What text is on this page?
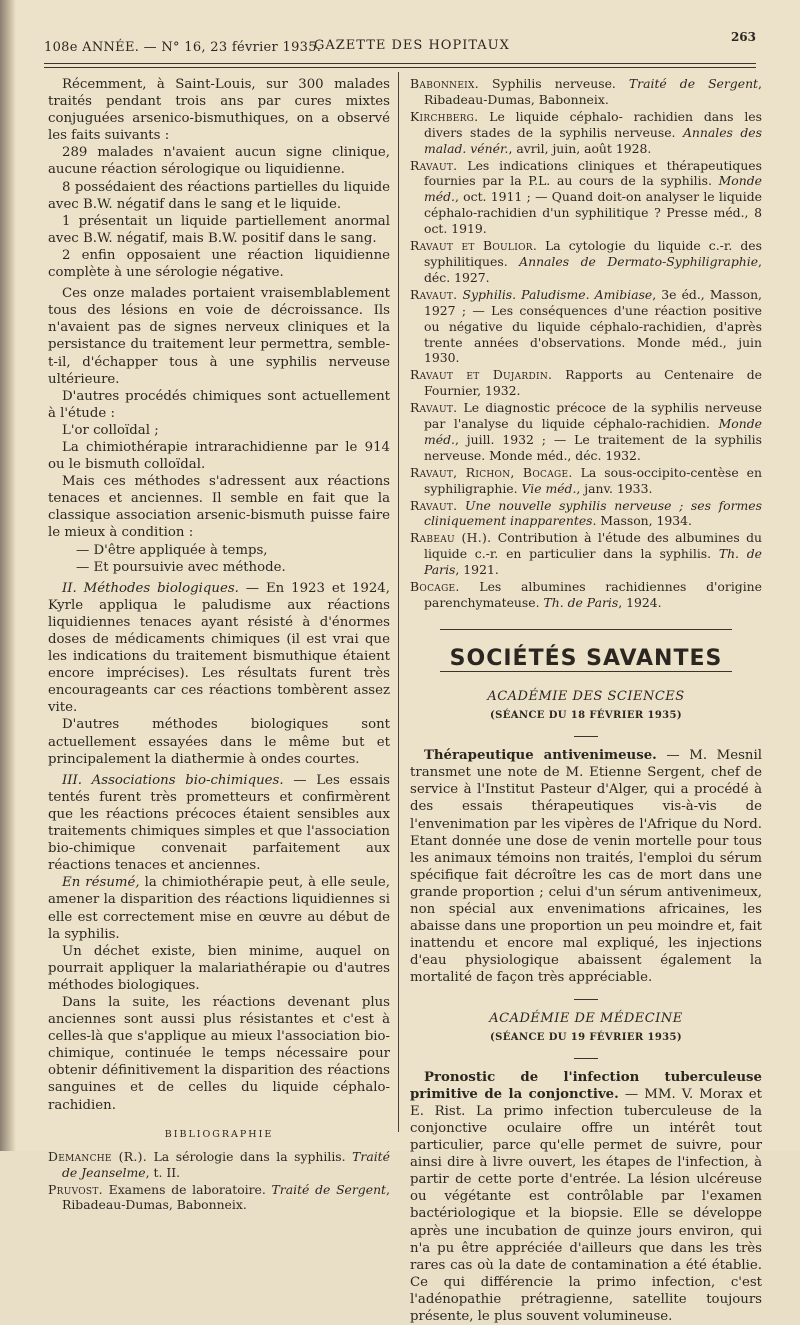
108e ANNÉE. — N° 16, 23 février 1935.
GAZETTE DES HOPITAUX
263

Récemment, à Saint-Louis, sur 300 malades traités pendant trois ans par cures mixtes conjuguées arsenico-bismuthiques, on a observé les faits suivants :

289 malades n'avaient aucun signe clinique, aucune réaction sérologique ou liquidienne.

8 possédaient des réactions partielles du liquide avec B.W. négatif dans le sang et le liquide.

1 présentait un liquide partiellement anormal avec B.W. négatif, mais B.W. positif dans le sang.

2 enfin opposaient une réaction liquidienne complète à une sérologie négative.

Ces onze malades portaient vraisemblablement tous des lésions en voie de décroissance. Ils n'avaient pas de signes nerveux cliniques et la persistance du traitement leur permettra, semble-t-il, d'échapper tous à une syphilis nerveuse ultérieure.

D'autres procédés chimiques sont actuellement à l'étude :

L'or colloïdal ;

La chimiothérapie intrarachidienne par le 914 ou le bismuth colloïdal.

Mais ces méthodes s'adressent aux réactions tenaces et anciennes. Il semble en fait que la classique association arsenic-bismuth puisse faire le mieux à condition :

— D'être appliquée à temps,

— Et poursuivie avec méthode.

II. Méthodes biologiques. — En 1923 et 1924, Kyrle appliqua le paludisme aux réactions liquidiennes tenaces ayant résisté à d'énormes doses de médicaments chimiques (il est vrai que les indications du traitement bismuthique étaient encore imprécises). Les résultats furent très encourageants car ces réactions tombèrent assez vite.

D'autres méthodes biologiques sont actuellement essayées dans le même but et principalement la diathermie à ondes courtes.

III. Associations bio-chimiques. — Les essais tentés furent très prometteurs et confirmèrent que les réactions précoces étaient sensibles aux traitements chimiques simples et que l'association bio-chimique convenait parfaitement aux réactions tenaces et anciennes.

En résumé, la chimiothérapie peut, à elle seule, amener la disparition des réactions liquidiennes si elle est correctement mise en œuvre au début de la syphilis.

Un déchet existe, bien minime, auquel on pourrait appliquer la malariathérapie ou d'autres méthodes biologiques.

Dans la suite, les réactions devenant plus anciennes sont aussi plus résistantes et c'est à celles-là que s'applique au mieux l'association bio-chimique, continuée le temps nécessaire pour obtenir définitivement la disparition des réactions sanguines et de celles du liquide céphalo-rachidien.

BIBLIOGRAPHIE
Demanche (R.). La sérologie dans la syphilis. Traité de Jeanselme, t. II.
Pruvost. Examens de laboratoire. Traité de Sergent, Ribadeau-Dumas, Babonneix.
Babonneix. Syphilis nerveuse. Traité de Sergent, Ribadeau-Dumas, Babonneix.
Kirchberg. Le liquide céphalo- rachidien dans les divers stades de la syphilis nerveuse. Annales des malad. vénér., avril, juin, août 1928.
Ravaut. Les indications cliniques et thérapeutiques fournies par la P.L. au cours de la syphilis. Monde méd., oct. 1911 ; — Quand doit-on analyser le liquide céphalo-rachidien d'un syphilitique ? Presse méd., 8 oct. 1919.
Ravaut et Boulior. La cytologie du liquide c.-r. des syphilitiques. Annales de Dermato-Syphiligraphie, déc. 1927.
Ravaut. Syphilis. Paludisme. Amibiase, 3e éd., Masson, 1927 ; — Les conséquences d'une réaction positive ou négative du liquide céphalo-rachidien, d'après trente années d'observations. Monde méd., juin 1930.
Ravaut et Dujardin. Rapports au Centenaire de Fournier, 1932.
Ravaut. Le diagnostic précoce de la syphilis nerveuse par l'analyse du liquide céphalo-rachidien. Monde méd., juill. 1932 ; — Le traitement de la syphilis nerveuse. Monde méd., déc. 1932.
Ravaut, Richon, Bocage. La sous-occipito-centèse en syphiligraphie. Vie méd., janv. 1933.
Ravaut. Une nouvelle syphilis nerveuse ; ses formes cliniquement inapparentes. Masson, 1934.
Rabeau (H.). Contribution à l'étude des albumines du liquide c.-r. en particulier dans la syphilis. Th. de Paris, 1921.
Bocage. Les albumines rachidiennes d'origine parenchymateuse. Th. de Paris, 1924.
SOCIÉTÉS SAVANTES
ACADÉMIE DES SCIENCES
(SÉANCE DU 18 FÉVRIER 1935)

Thérapeutique antivenimeuse. — M. Mesnil transmet une note de M. Etienne Sergent, chef de service à l'Institut Pasteur d'Alger, qui a procédé à des essais thérapeutiques vis-à-vis de l'envenimation par les vipères de l'Afrique du Nord. Etant donnée une dose de venin mortelle pour tous les animaux témoins non traités, l'emploi du sérum spécifique fait décroître les cas de mort dans une grande proportion ; celui d'un sérum antivenimeux, non spécial aux envenimations africaines, les abaisse dans une proportion un peu moindre et, fait inattendu et encore mal expliqué, les injections d'eau physiologique abaissent également la mortalité de façon très appréciable.

ACADÉMIE DE MÉDECINE
(SÉANCE DU 19 FÉVRIER 1935)

Pronostic de l'infection tuberculeuse primitive de la conjonctive. — MM. V. Morax et E. Rist. La primo infection tuberculeuse de la conjonctive oculaire offre un intérêt tout particulier, parce qu'elle permet de suivre, pour ainsi dire à livre ouvert, les étapes de l'infection, à partir de cette porte d'entrée. La lésion ulcéreuse ou végétante est contrôlable par l'examen bactériologique et la biopsie. Elle se développe après une incubation de quinze jours environ, qui n'a pu être appréciée d'ailleurs que dans les très rares cas où la date de contamination a été établie. Ce qui différencie la primo infection, c'est l'adénopathie prétragienne, satellite toujours présente, le plus souvent volumineuse.
